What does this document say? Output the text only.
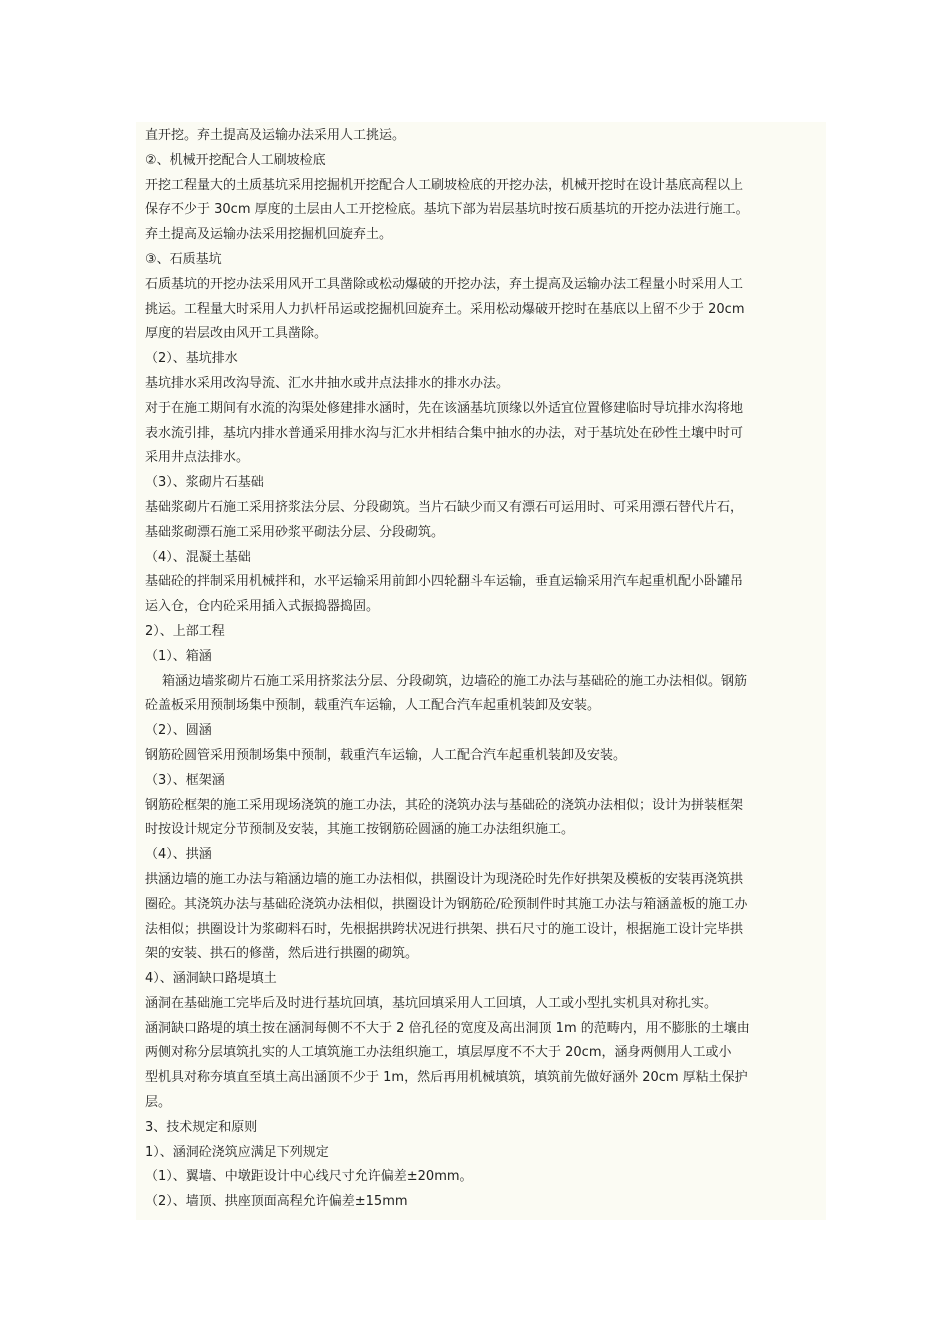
直开挖。弃土提高及运输办法采用人工挑运。
②、机械开挖配合人工刷坡检底
开挖工程量大的土质基坑采用挖掘机开挖配合人工刷坡检底的开挖办法，机械开挖时在设计基底高程以上
保存不少于 30cm 厚度的土层由人工开挖检底。基坑下部为岩层基坑时按石质基坑的开挖办法进行施工。
弃土提高及运输办法采用挖掘机回旋弃土。
③、石质基坑
石质基坑的开挖办法采用风开工具凿除或松动爆破的开挖办法，弃土提高及运输办法工程量小时采用人工
挑运。工程量大时采用人力扒杆吊运或挖掘机回旋弃土。采用松动爆破开挖时在基底以上留不少于 20cm
厚度的岩层改由风开工具凿除。
（2）、基坑排水
基坑排水采用改沟导流、汇水井抽水或井点法排水的排水办法。
对于在施工期间有水流的沟渠处修建排水涵时，先在该涵基坑顶缘以外适宜位置修建临时导坑排水沟将地
表水流引排，基坑内排水普通采用排水沟与汇水井相结合集中抽水的办法，对于基坑处在砂性土壤中时可
采用井点法排水。
（3）、浆砌片石基础
基础浆砌片石施工采用挤浆法分层、分段砌筑。当片石缺少而又有漂石可运用时、可采用漂石替代片石，
基础浆砌漂石施工采用砂浆平砌法分层、分段砌筑。
（4）、混凝土基础
基础砼的拌制采用机械拌和，水平运输采用前卸小四轮翻斗车运输，垂直运输采用汽车起重机配小卧罐吊
运入仓，仓内砼采用插入式振捣器捣固。
2）、上部工程
（1）、箱涵
箱涵边墙浆砌片石施工采用挤浆法分层、分段砌筑，边墙砼的施工办法与基础砼的施工办法相似。钢筋
砼盖板采用预制场集中预制，载重汽车运输，人工配合汽车起重机装卸及安装。
（2）、圆涵
钢筋砼圆管采用预制场集中预制，载重汽车运输，人工配合汽车起重机装卸及安装。
（3）、框架涵
钢筋砼框架的施工采用现场浇筑的施工办法，其砼的浇筑办法与基础砼的浇筑办法相似；设计为拼装框架
时按设计规定分节预制及安装，其施工按钢筋砼圆涵的施工办法组织施工。
（4）、拱涵
拱涵边墙的施工办法与箱涵边墙的施工办法相似，拱圈设计为现浇砼时先作好拱架及模板的安装再浇筑拱
圈砼。其浇筑办法与基础砼浇筑办法相似，拱圈设计为钢筋砼/砼预制件时其施工办法与箱涵盖板的施工办
法相似；拱圈设计为浆砌料石时，先根据拱跨状况进行拱架、拱石尺寸的施工设计，根据施工设计完毕拱
架的安装、拱石的修凿，然后进行拱圈的砌筑。
4）、涵洞缺口路堤填土
涵洞在基础施工完毕后及时进行基坑回填，基坑回填采用人工回填，人工或小型扎实机具对称扎实。
涵洞缺口路堤的填土按在涵洞每侧不不大于 2 倍孔径的宽度及高出洞顶 1m 的范畴内，用不膨胀的土壤由
两侧对称分层填筑扎实的人工填筑施工办法组织施工，填层厚度不不大于 20cm，涵身两侧用人工或小
型机具对称夯填直至填土高出涵顶不少于 1m，然后再用机械填筑，填筑前先做好涵外 20cm 厚粘土保护
层。
3、技术规定和原则
1）、涵洞砼浇筑应满足下列规定
（1）、翼墙、中墩距设计中心线尺寸允许偏差±20mm。
（2）、墙顶、拱座顶面高程允许偏差±15mm
